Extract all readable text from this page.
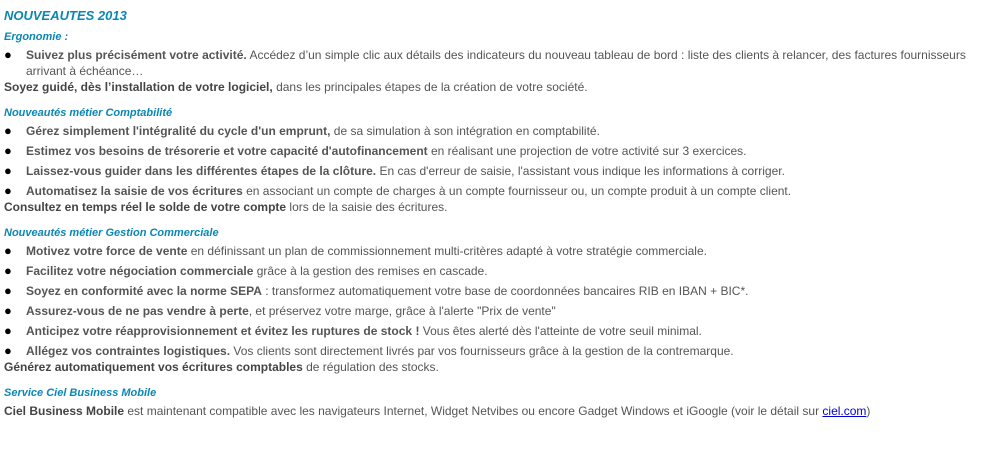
NOUVEAUTES 2013
Ergonomie :
● Suivez plus précisément votre activité. Accédez d’un simple clic aux détails des indicateurs du nouveau tableau de bord : liste des clients à relancer, des factures fournisseurs arrivant à échéance…
Soyez guidé, dès l’installation de votre logiciel, dans les principales étapes de la création de votre société.
Nouveautés métier Comptabilité
● Gérez simplement l'intégralité du cycle d'un emprunt, de sa simulation à son intégration en comptabilité.
● Estimez vos besoins de trésorerie et votre capacité d'autofinancement en réalisant une projection de votre activité sur 3 exercices.
● Laissez-vous guider dans les différentes étapes de la clôture. En cas d'erreur de saisie, l'assistant vous indique les informations à corriger.
● Automatisez la saisie de vos écritures en associant un compte de charges à un compte fournisseur ou, un compte produit à un compte client.
Consultez en temps réel le solde de votre compte lors de la saisie des écritures.
Nouveautés métier Gestion Commerciale
● Motivez votre force de vente en définissant un plan de commissionnement multi-critères adapté à votre stratégie commerciale.
● Facilitez votre négociation commerciale grâce à la gestion des remises en cascade.
● Soyez en conformité avec la norme SEPA : transformez automatiquement votre base de coordonnées bancaires RIB en IBAN + BIC*.
● Assurez-vous de ne pas vendre à perte, et préservez votre marge, grâce à l'alerte "Prix de vente"
● Anticipez votre réapprovisionnement et évitez les ruptures de stock ! Vous êtes alerté dès l'atteinte de votre seuil minimal.
● Allégez vos contraintes logistiques. Vos clients sont directement livrés par vos fournisseurs grâce à la gestion de la contremarque.
Générez automatiquement vos écritures comptables de régulation des stocks.
Service Ciel Business Mobile
Ciel Business Mobile est maintenant compatible avec les navigateurs Internet, Widget Netvibes ou encore Gadget Windows et iGoogle (voir le détail sur ciel.com)
